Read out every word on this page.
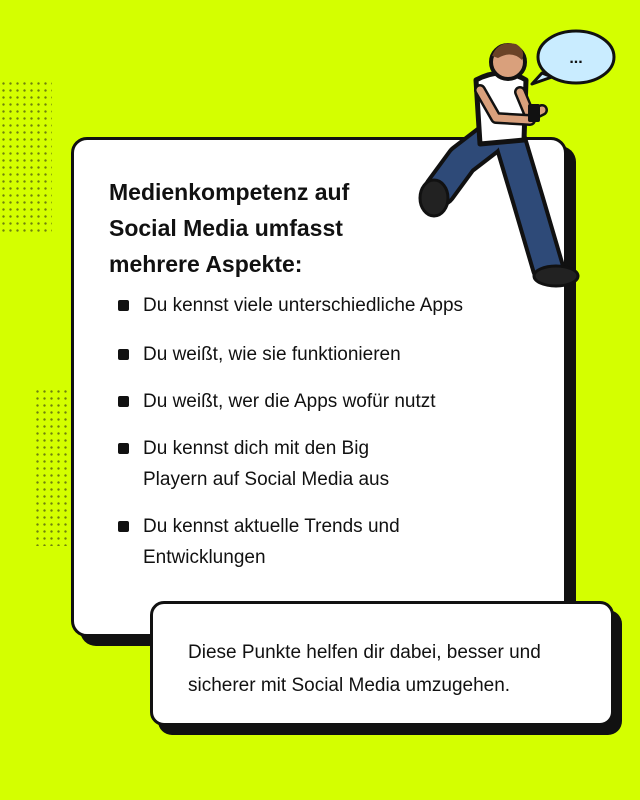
Medienkompetenz auf Social Media umfasst mehrere Aspekte:
Du kennst viele unterschiedliche Apps
Du weißt, wie sie funktionieren
Du weißt, wer die Apps wofür nutzt
Du kennst dich mit den Big Playern auf Social Media aus
Du kennst aktuelle Trends und Entwicklungen

Diese Punkte helfen dir dabei, besser und sicherer mit Social Media umzugehen.

...
